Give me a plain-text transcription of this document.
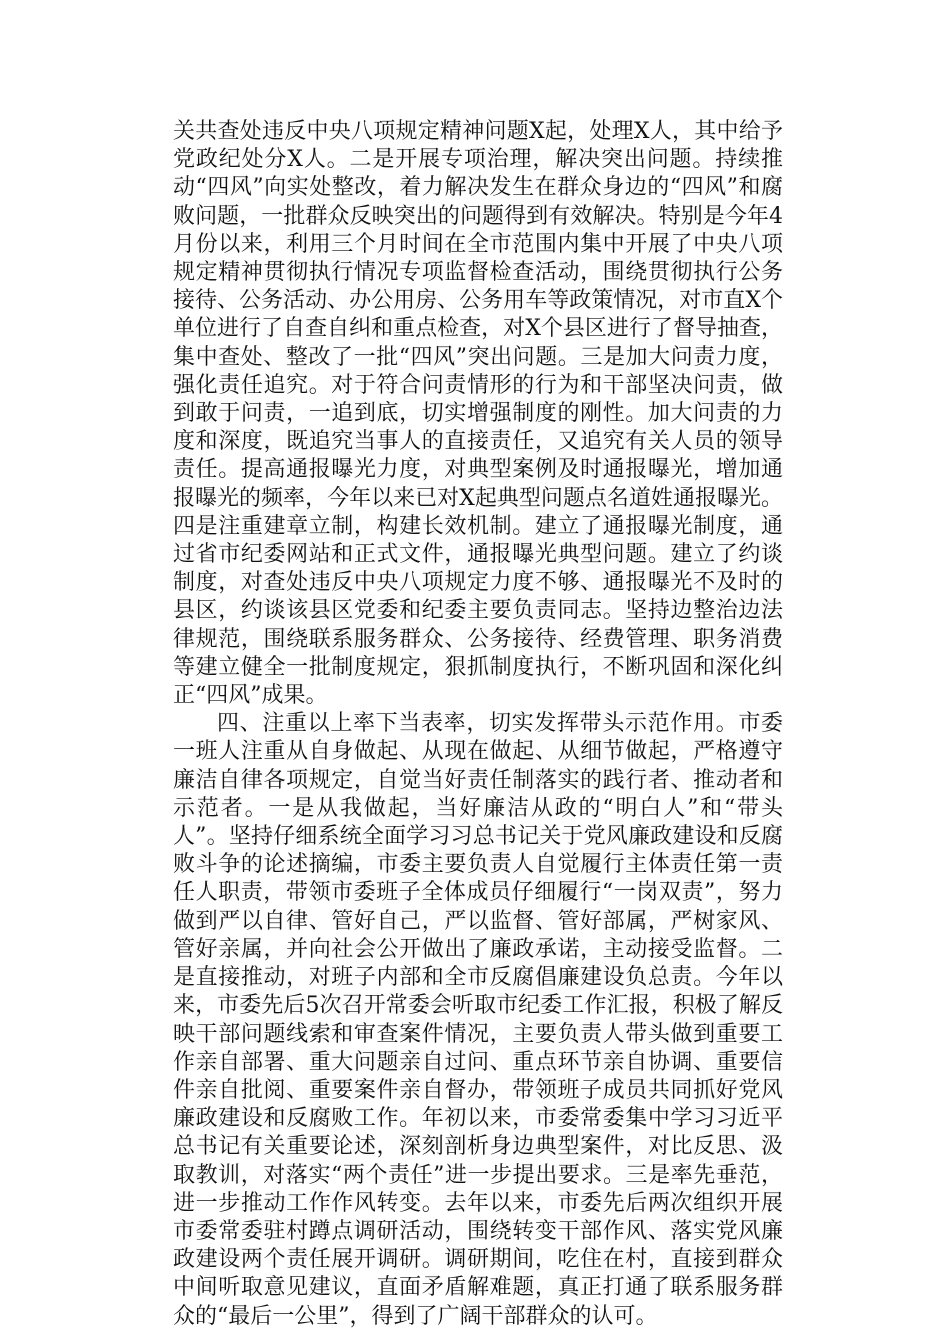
关共查处违反中央八项规定精神问题X起，处理X人，其中给予党政纪处分X人。二是开展专项治理，解决突出问题。持续推动“四风”向实处整改，着力解决发生在群众身边的“四风”和腐败问题，一批群众反映突出的问题得到有效解决。特别是今年4月份以来，利用三个月时间在全市范围内集中开展了中央八项规定精神贯彻执行情况专项监督检查活动，围绕贯彻执行公务接待、公务活动、办公用房、公务用车等政策情况，对市直X个单位进行了自查自纠和重点检查，对X个县区进行了督导抽查，集中查处、整改了一批“四风”突出问题。三是加大问责力度，强化责任追究。对于符合问责情形的行为和干部坚决问责，做到敢于问责，一追到底，切实增强制度的刚性。加大问责的力度和深度，既追究当事人的直接责任，又追究有关人员的领导责任。提高通报曝光力度，对典型案例及时通报曝光，增加通报曝光的频率，今年以来已对X起典型问题点名道姓通报曝光。四是注重建章立制，构建长效机制。建立了通报曝光制度，通过省市纪委网站和正式文件，通报曝光典型问题。建立了约谈制度，对查处违反中央八项规定力度不够、通报曝光不及时的县区，约谈该县区党委和纪委主要负责同志。坚持边整治边法律规范，围绕联系服务群众、公务接待、经费管理、职务消费等建立健全一批制度规定，狠抓制度执行，不断巩固和深化纠正“四风”成果。

四、注重以上率下当表率，切实发挥带头示范作用。市委一班人注重从自身做起、从现在做起、从细节做起，严格遵守廉洁自律各项规定，自觉当好责任制落实的践行者、推动者和示范者。一是从我做起，当好廉洁从政的“明白人”和“带头人”。坚持仔细系统全面学习习总书记关于党风廉政建设和反腐败斗争的论述摘编，市委主要负责人自觉履行主体责任第一责任人职责，带领市委班子全体成员仔细履行“一岗双责”，努力做到严以自律、管好自己，严以监督、管好部属，严树家风、管好亲属，并向社会公开做出了廉政承诺，主动接受监督。二是直接推动，对班子内部和全市反腐倡廉建设负总责。今年以来，市委先后5次召开常委会听取市纪委工作汇报，积极了解反映干部问题线索和审查案件情况，主要负责人带头做到重要工作亲自部署、重大问题亲自过问、重点环节亲自协调、重要信件亲自批阅、重要案件亲自督办，带领班子成员共同抓好党风廉政建设和反腐败工作。年初以来，市委常委集中学习习近平总书记有关重要论述，深刻剖析身边典型案件，对比反思、汲取教训，对落实“两个责任”进一步提出要求。三是率先垂范，进一步推动工作作风转变。去年以来，市委先后两次组织开展市委常委驻村蹲点调研活动，围绕转变干部作风、落实党风廉政建设两个责任展开调研。调研期间，吃住在村，直接到群众中间听取意见建议，直面矛盾解难题，真正打通了联系服务群众的“最后一公里”，得到了广阔干部群众的认可。
